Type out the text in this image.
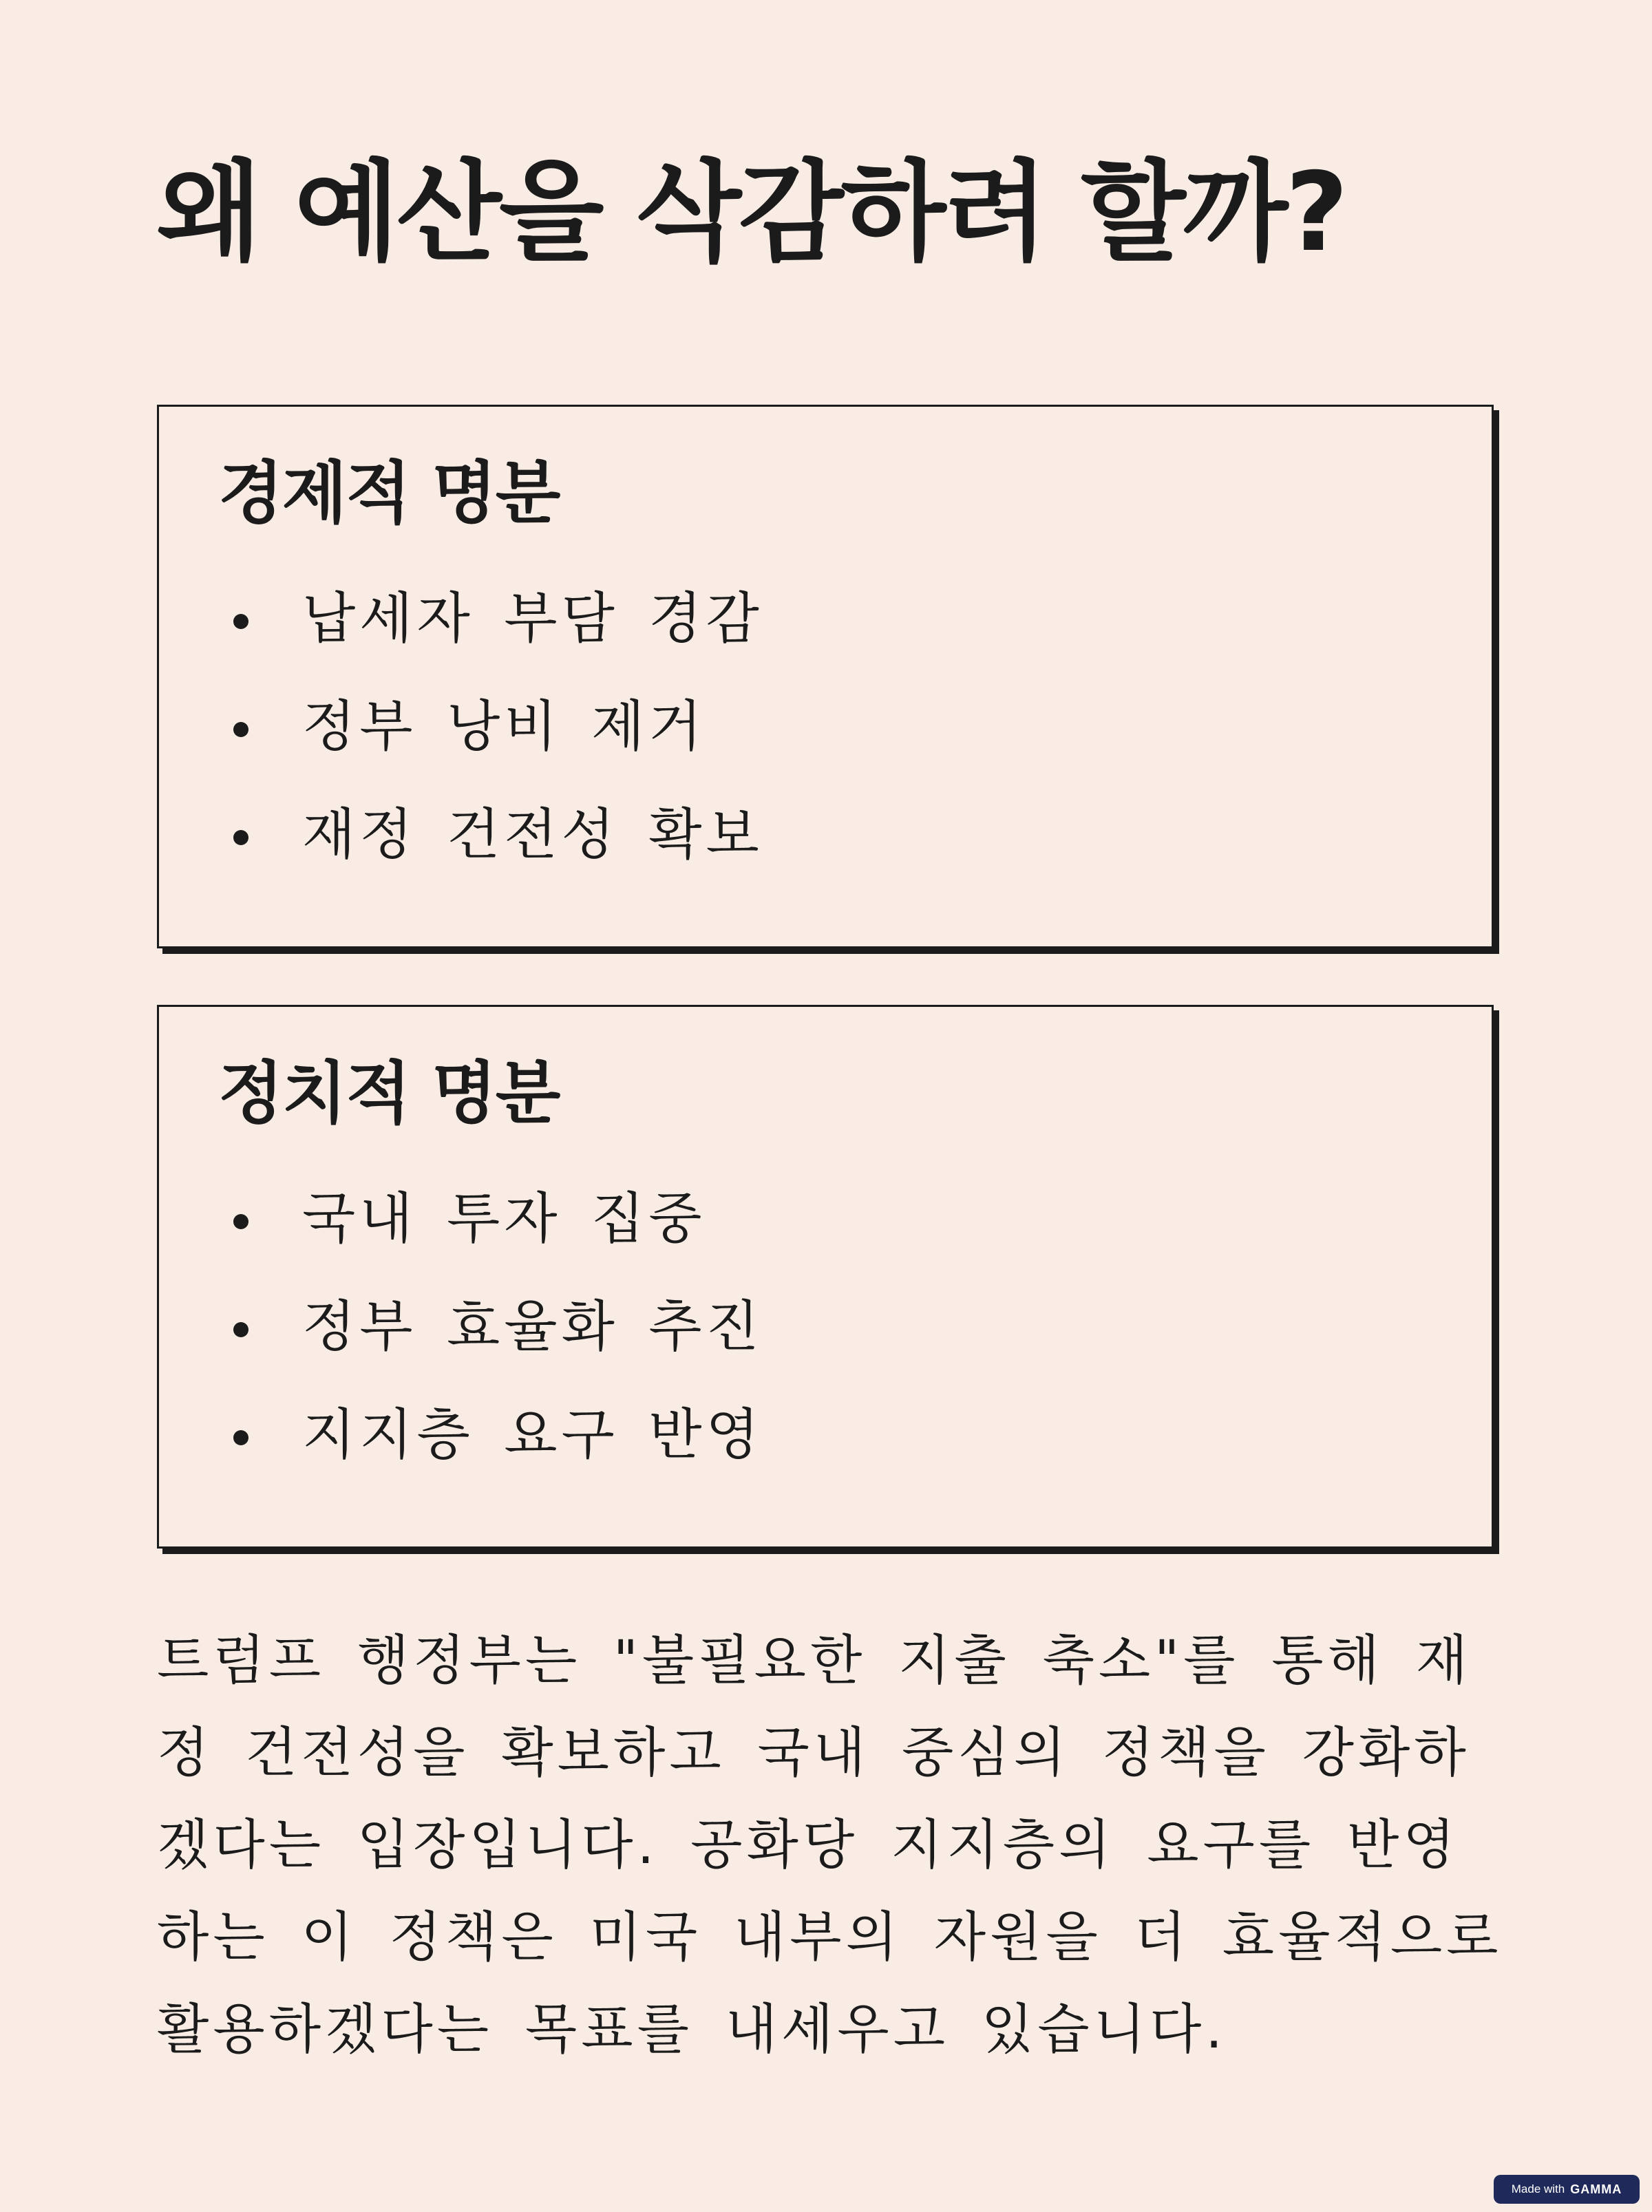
왜 예산을 삭감하려 할까?
경제적 명분
납세자 부담 경감
정부 낭비 제거
재정 건전성 확보
정치적 명분
국내 투자 집중
정부 효율화 추진
지지층 요구 반영

트럼프 행정부는 "불필요한 지출 축소"를 통해 재정 건전성을 확보하고 국내 중심의 정책을 강화하겠다는 입장입니다. 공화당 지지층의 요구를 반영하는 이 정책은 미국 내부의 자원을 더 효율적으로 활용하겠다는 목표를 내세우고 있습니다.

Made with GAMMA
